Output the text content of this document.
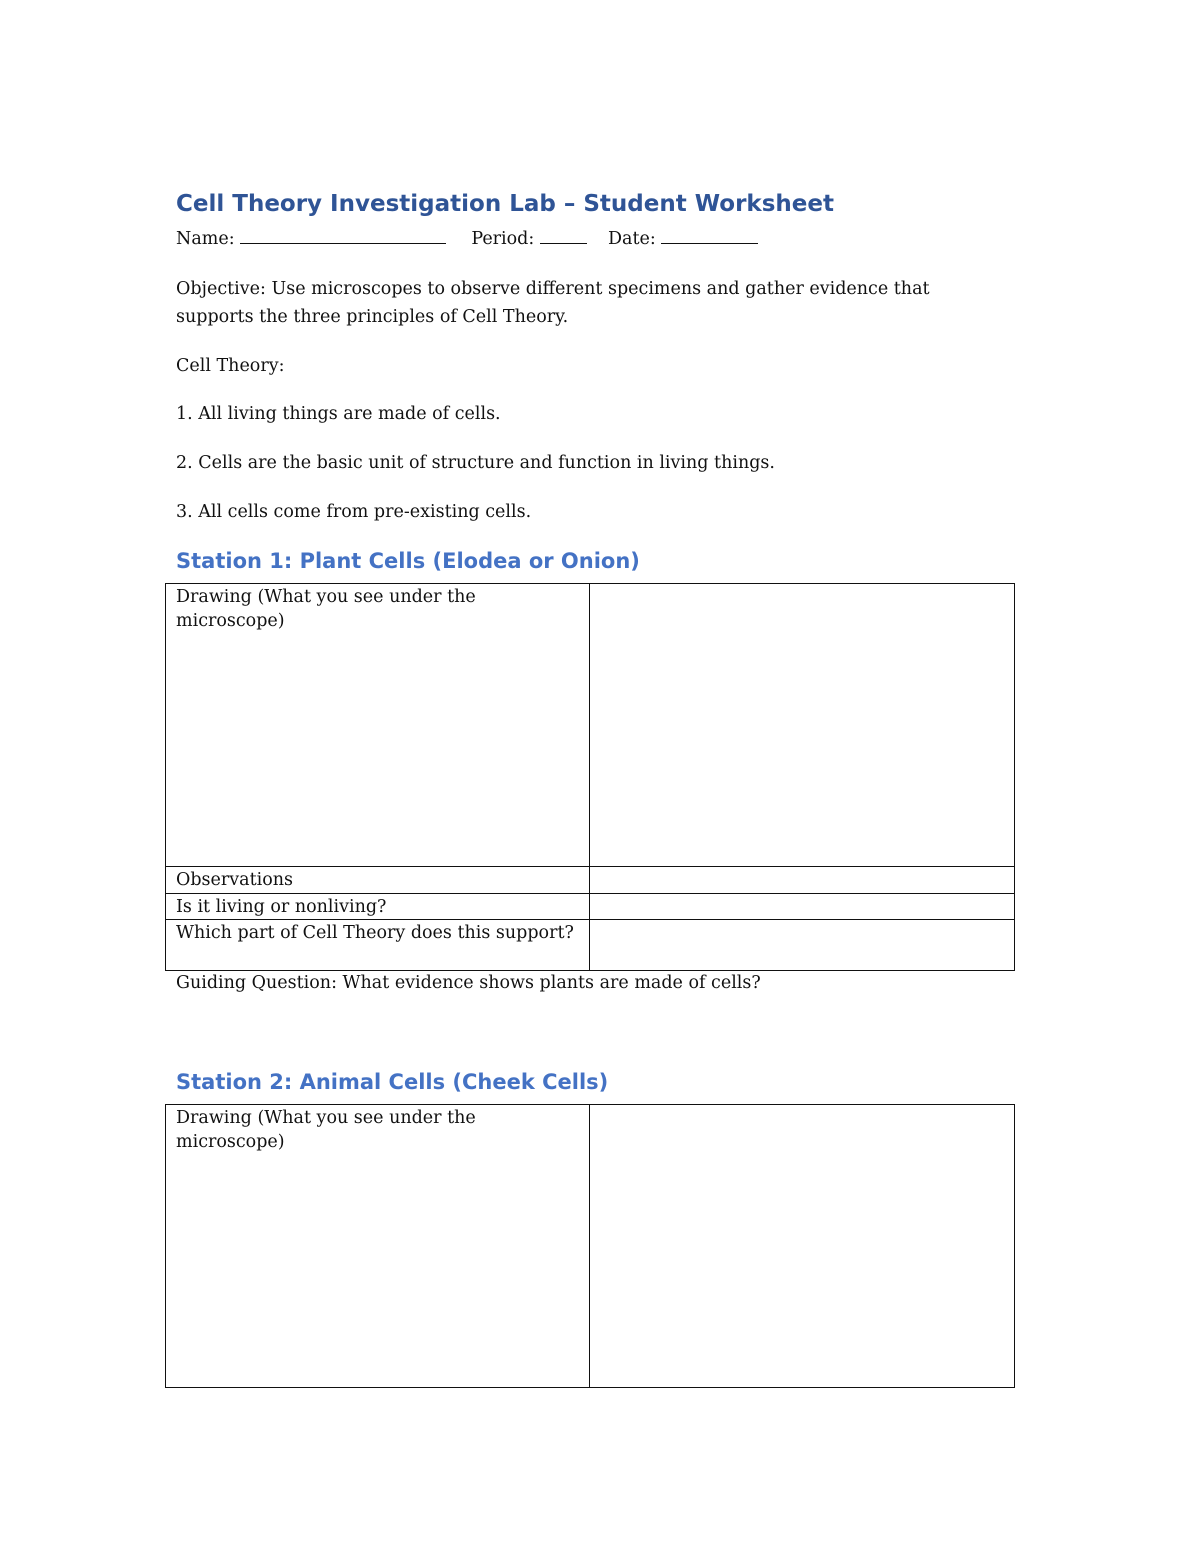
Cell Theory Investigation Lab – Student Worksheet
Name:	Period:	Date:
Objective: Use microscopes to observe different specimens and gather evidence that
supports the three principles of Cell Theory.
Cell Theory:
1. All living things are made of cells.
2. Cells are the basic unit of structure and function in living things.
3. All cells come from pre-existing cells.
Station 1: Plant Cells (Elodea or Onion)
Drawing (What you see under the microscope)	
Observations	
Is it living or nonliving?	
Which part of Cell Theory does this support?	
Guiding Question: What evidence shows plants are made of cells?
Station 2: Animal Cells (Cheek Cells)
Drawing (What you see under the microscope)	
